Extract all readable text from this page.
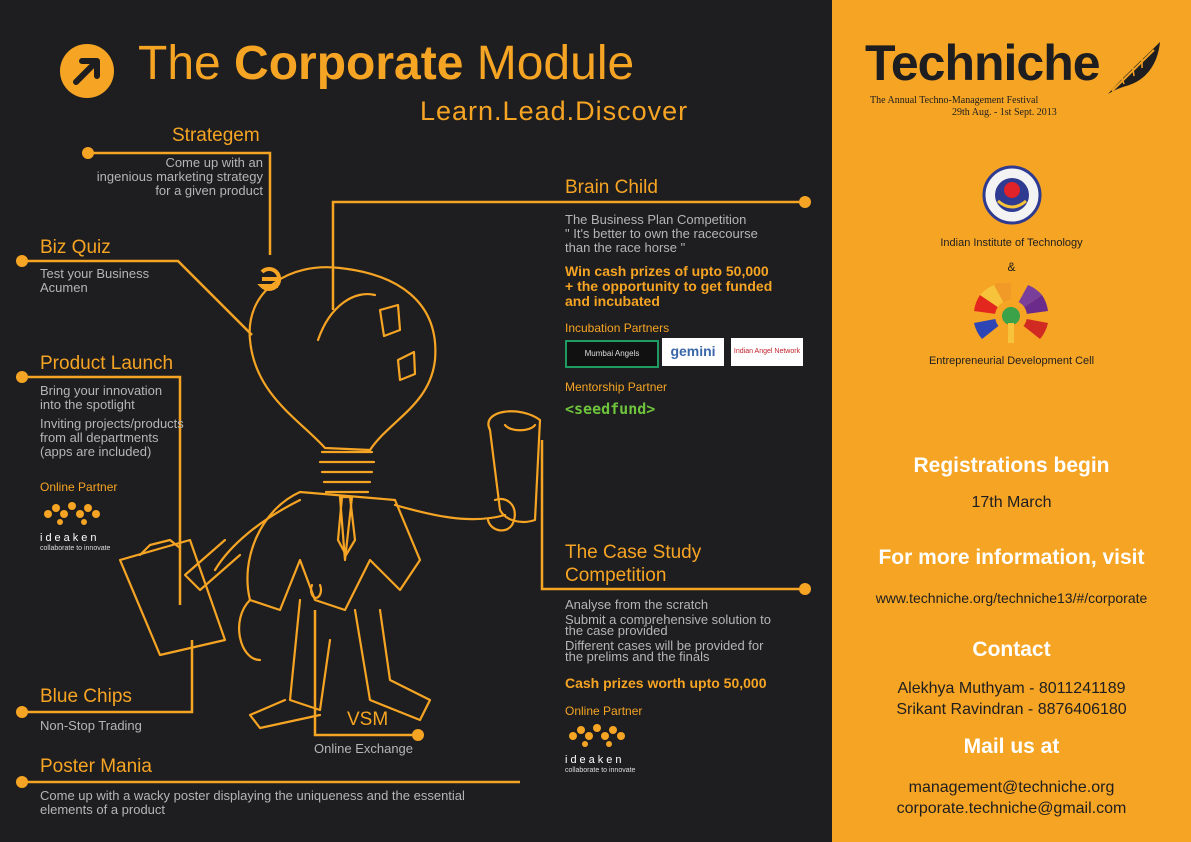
The Corporate Module
Learn.Lead.Discover
Strategem
Come up with an
ingenious marketing strategy
for a given product
Biz Quiz
Test your Business
Acumen
Product Launch
Bring your innovation
into the spotlight
Inviting projects/products
from all departments
(apps are included)
Online Partner
ideaken
collaborate to innovate
Blue Chips
Non-Stop Trading	VSM
Online Exchange
Poster Mania
Come up with a wacky poster displaying the uniqueness and the essential
elements of a product
Brain Child
The Business Plan Competition
" It's better to own the racecourse
than the race horse "
Win cash prizes of upto 50,000
+ the opportunity to get funded
and incubated
Incubation Partners
Mumbai Angels	gemini	Indian Angel Network
Mentorship Partner
<seedfund>
The Case Study
Competition
Analyse from the scratch
Submit a comprehensive solution to
the case provided
Different cases will be provided for
the prelims and the finals
Cash prizes worth upto 50,000
Online Partner
ideaken
collaborate to innovate
Techniche
The Annual Techno-Management Festival
29th Aug. - 1st Sept. 2013
Indian Institute of Technology
&
Entrepreneurial Development Cell
Registrations begin
17th March
For more information, visit
www.techniche.org/techniche13/#/corporate
Contact
Alekhya Muthyam - 8011241189
Srikant Ravindran - 8876406180
Mail us at
management@techniche.org
corporate.techniche@gmail.com
